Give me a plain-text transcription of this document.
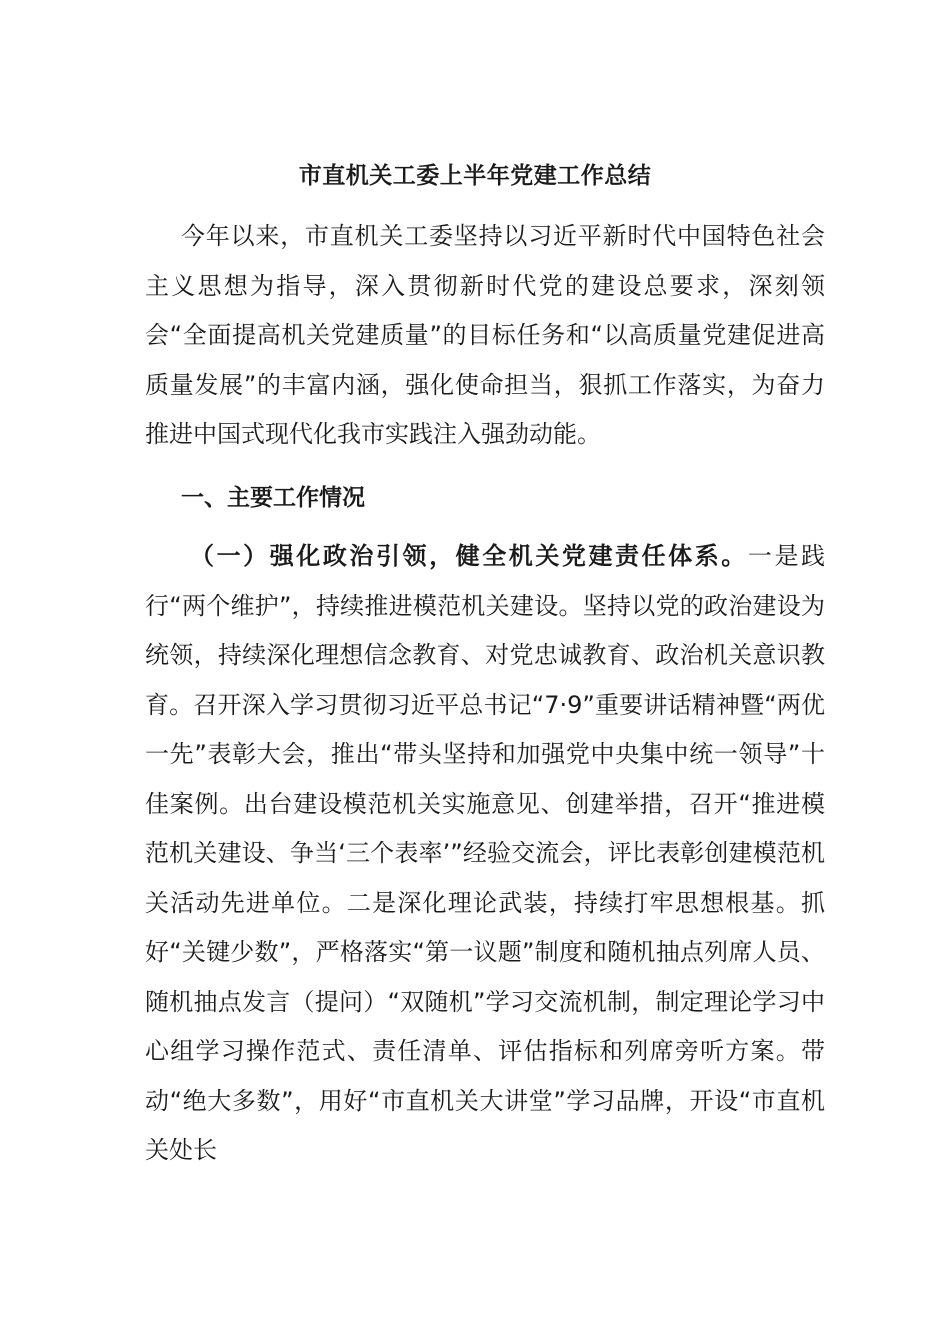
市直机关工委上半年党建工作总结

今年以来，市直机关工委坚持以习近平新时代中国特色社会主义思想为指导，深入贯彻新时代党的建设总要求，深刻领会“全面提高机关党建质量”的目标任务和“以高质量党建促进高质量发展”的丰富内涵，强化使命担当，狠抓工作落实，为奋力推进中国式现代化我市实践注入强劲动能。

一、主要工作情况

（一）强化政治引领，健全机关党建责任体系。一是践行“两个维护”，持续推进模范机关建设。坚持以党的政治建设为统领，持续深化理想信念教育、对党忠诚教育、政治机关意识教育。召开深入学习贯彻习近平总书记“7·9”重要讲话精神暨“两优一先”表彰大会，推出“带头坚持和加强党中央集中统一领导”十佳案例。出台建设模范机关实施意见、创建举措，召开“推进模范机关建设、争当‘三个表率’”经验交流会，评比表彰创建模范机关活动先进单位。二是深化理论武装，持续打牢思想根基。抓好“关键少数”，严格落实“第一议题”制度和随机抽点列席人员、随机抽点发言（提问）“双随机”学习交流机制，制定理论学习中心组学习操作范式、责任清单、评估指标和列席旁听方案。带动“绝大多数”，用好“市直机关大讲堂”学习品牌，开设“市直机关处长
